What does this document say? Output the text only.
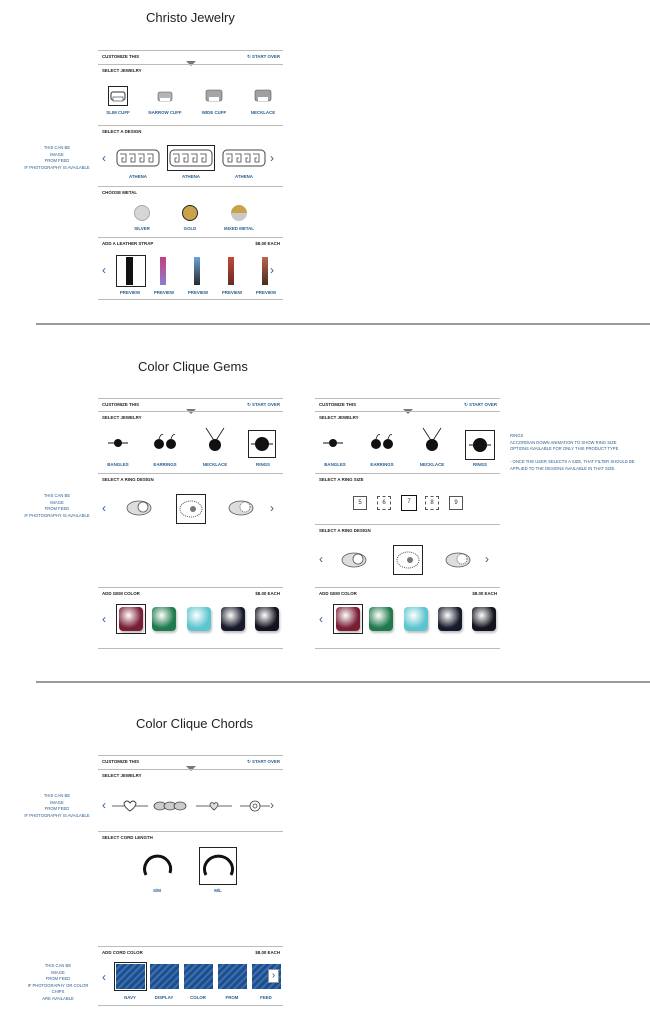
Christo Jewelry
THIS CAN BE
IMAGE
FROM FEED
IF PHOTOGRAPHY IS AVAILABLE
CUSTOMIZE THIS	↻ START OVER
SELECT JEWELRY
SLIM CUFF	NARROW CUFF	WIDE CUFF	NECKLACE
SELECT A DESIGN
‹	›
ATHENA	ATHENA	ATHENA
CHOOSE METAL
SILVER	GOLD	MIXED METAL
ADD A LEATHER STRAP	$8.00 EACH
‹	›
PREVIEW	PREVIEW	PREVIEW	PREVIEW	PREVIEW
Color Clique Gems
THIS CAN BE
IMAGE
FROM FEED
IF PHOTOGRAPHY IS AVAILABLE
CUSTOMIZE THIS	↻ START OVER
SELECT JEWELRY
BANGLES	EARRINGS	NECKLACE	RINGS
SELECT A RING DESIGN
‹	›
ADD GEM COLOR	$8.00 EACH
‹
CUSTOMIZE THIS	↻ START OVER
SELECT JEWELRY
BANGLES	EARRINGS	NECKLACE	RINGS
SELECT A RING SIZE
5	6	7	8	9
SELECT A RING DESIGN
‹	›
ADD GEM COLOR	$8.00 EACH
‹
RINGS
ACCORDIAN DOWN ANIMATION TO SHOW RING SIZE
OPTIONS AVAILABLE FOR ONLY THIS PRODUCT TYPE
- ONCE THE USER SELECTS A SIZE, THAT FILTER SHOULD BE
APPLIED TO THE DESIGNS AVAILABLE IN THAT SIZE.
Color Clique Chords
THIS CAN BE
IMAGE
FROM FEED
IF PHOTOGRAPHY IS AVAILABLE
THIS CAN BE
IMAGE
FROM FEED
IF PHOTOGRAPHY OR COLOR CHIPS
ARE AVAILABLE
CUSTOMIZE THIS	↻ START OVER
SELECT JEWELRY
‹	›
SELECT CORD LENGTH
S/M	M/L
ADD CORD COLOR	$8.00 EACH
‹	›
NAVY	DISPLAY	COLOR	FROM	FEED
